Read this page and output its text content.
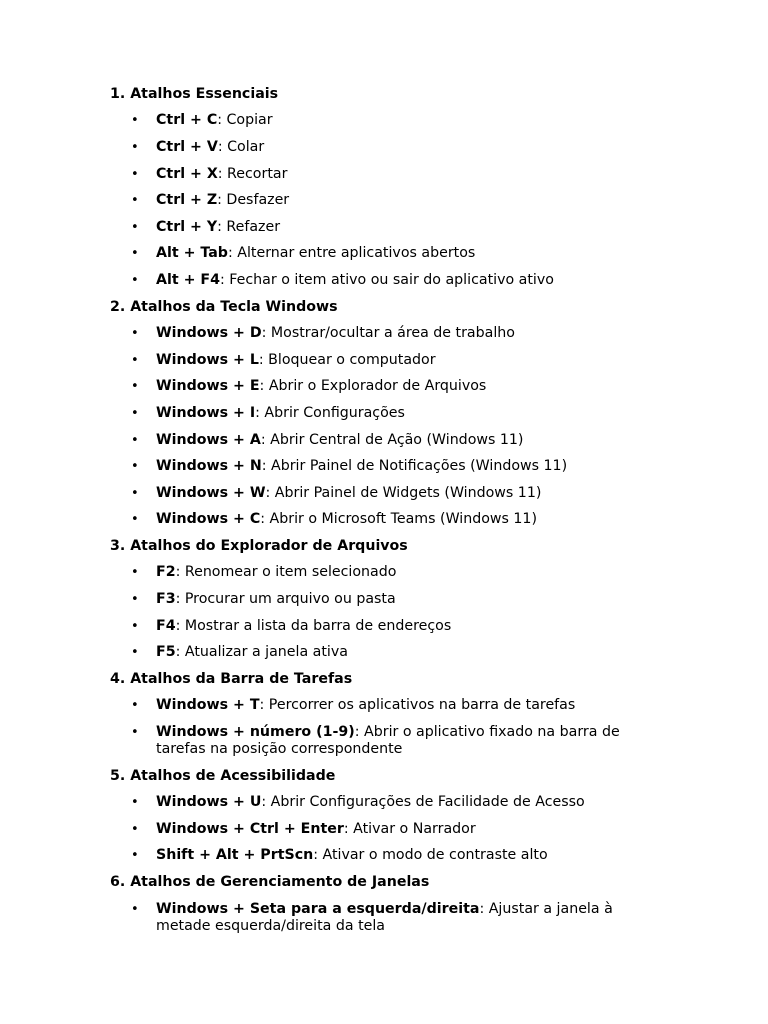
1. Atalhos Essenciais
• Ctrl + C: Copiar
• Ctrl + V: Colar
• Ctrl + X: Recortar
• Ctrl + Z: Desfazer
• Ctrl + Y: Refazer
• Alt + Tab: Alternar entre aplicativos abertos
• Alt + F4: Fechar o item ativo ou sair do aplicativo ativo
2. Atalhos da Tecla Windows
• Windows + D: Mostrar/ocultar a área de trabalho
• Windows + L: Bloquear o computador
• Windows + E: Abrir o Explorador de Arquivos
• Windows + I: Abrir Configurações
• Windows + A: Abrir Central de Ação (Windows 11)
• Windows + N: Abrir Painel de Notificações (Windows 11)
• Windows + W: Abrir Painel de Widgets (Windows 11)
• Windows + C: Abrir o Microsoft Teams (Windows 11)
3. Atalhos do Explorador de Arquivos
• F2: Renomear o item selecionado
• F3: Procurar um arquivo ou pasta
• F4: Mostrar a lista da barra de endereços
• F5: Atualizar a janela ativa
4. Atalhos da Barra de Tarefas
• Windows + T: Percorrer os aplicativos na barra de tarefas
• Windows + número (1-9): Abrir o aplicativo fixado na barra de tarefas na posição correspondente
5. Atalhos de Acessibilidade
• Windows + U: Abrir Configurações de Facilidade de Acesso
• Windows + Ctrl + Enter: Ativar o Narrador
• Shift + Alt + PrtScn: Ativar o modo de contraste alto
6. Atalhos de Gerenciamento de Janelas
• Windows + Seta para a esquerda/direita: Ajustar a janela à metade esquerda/direita da tela
